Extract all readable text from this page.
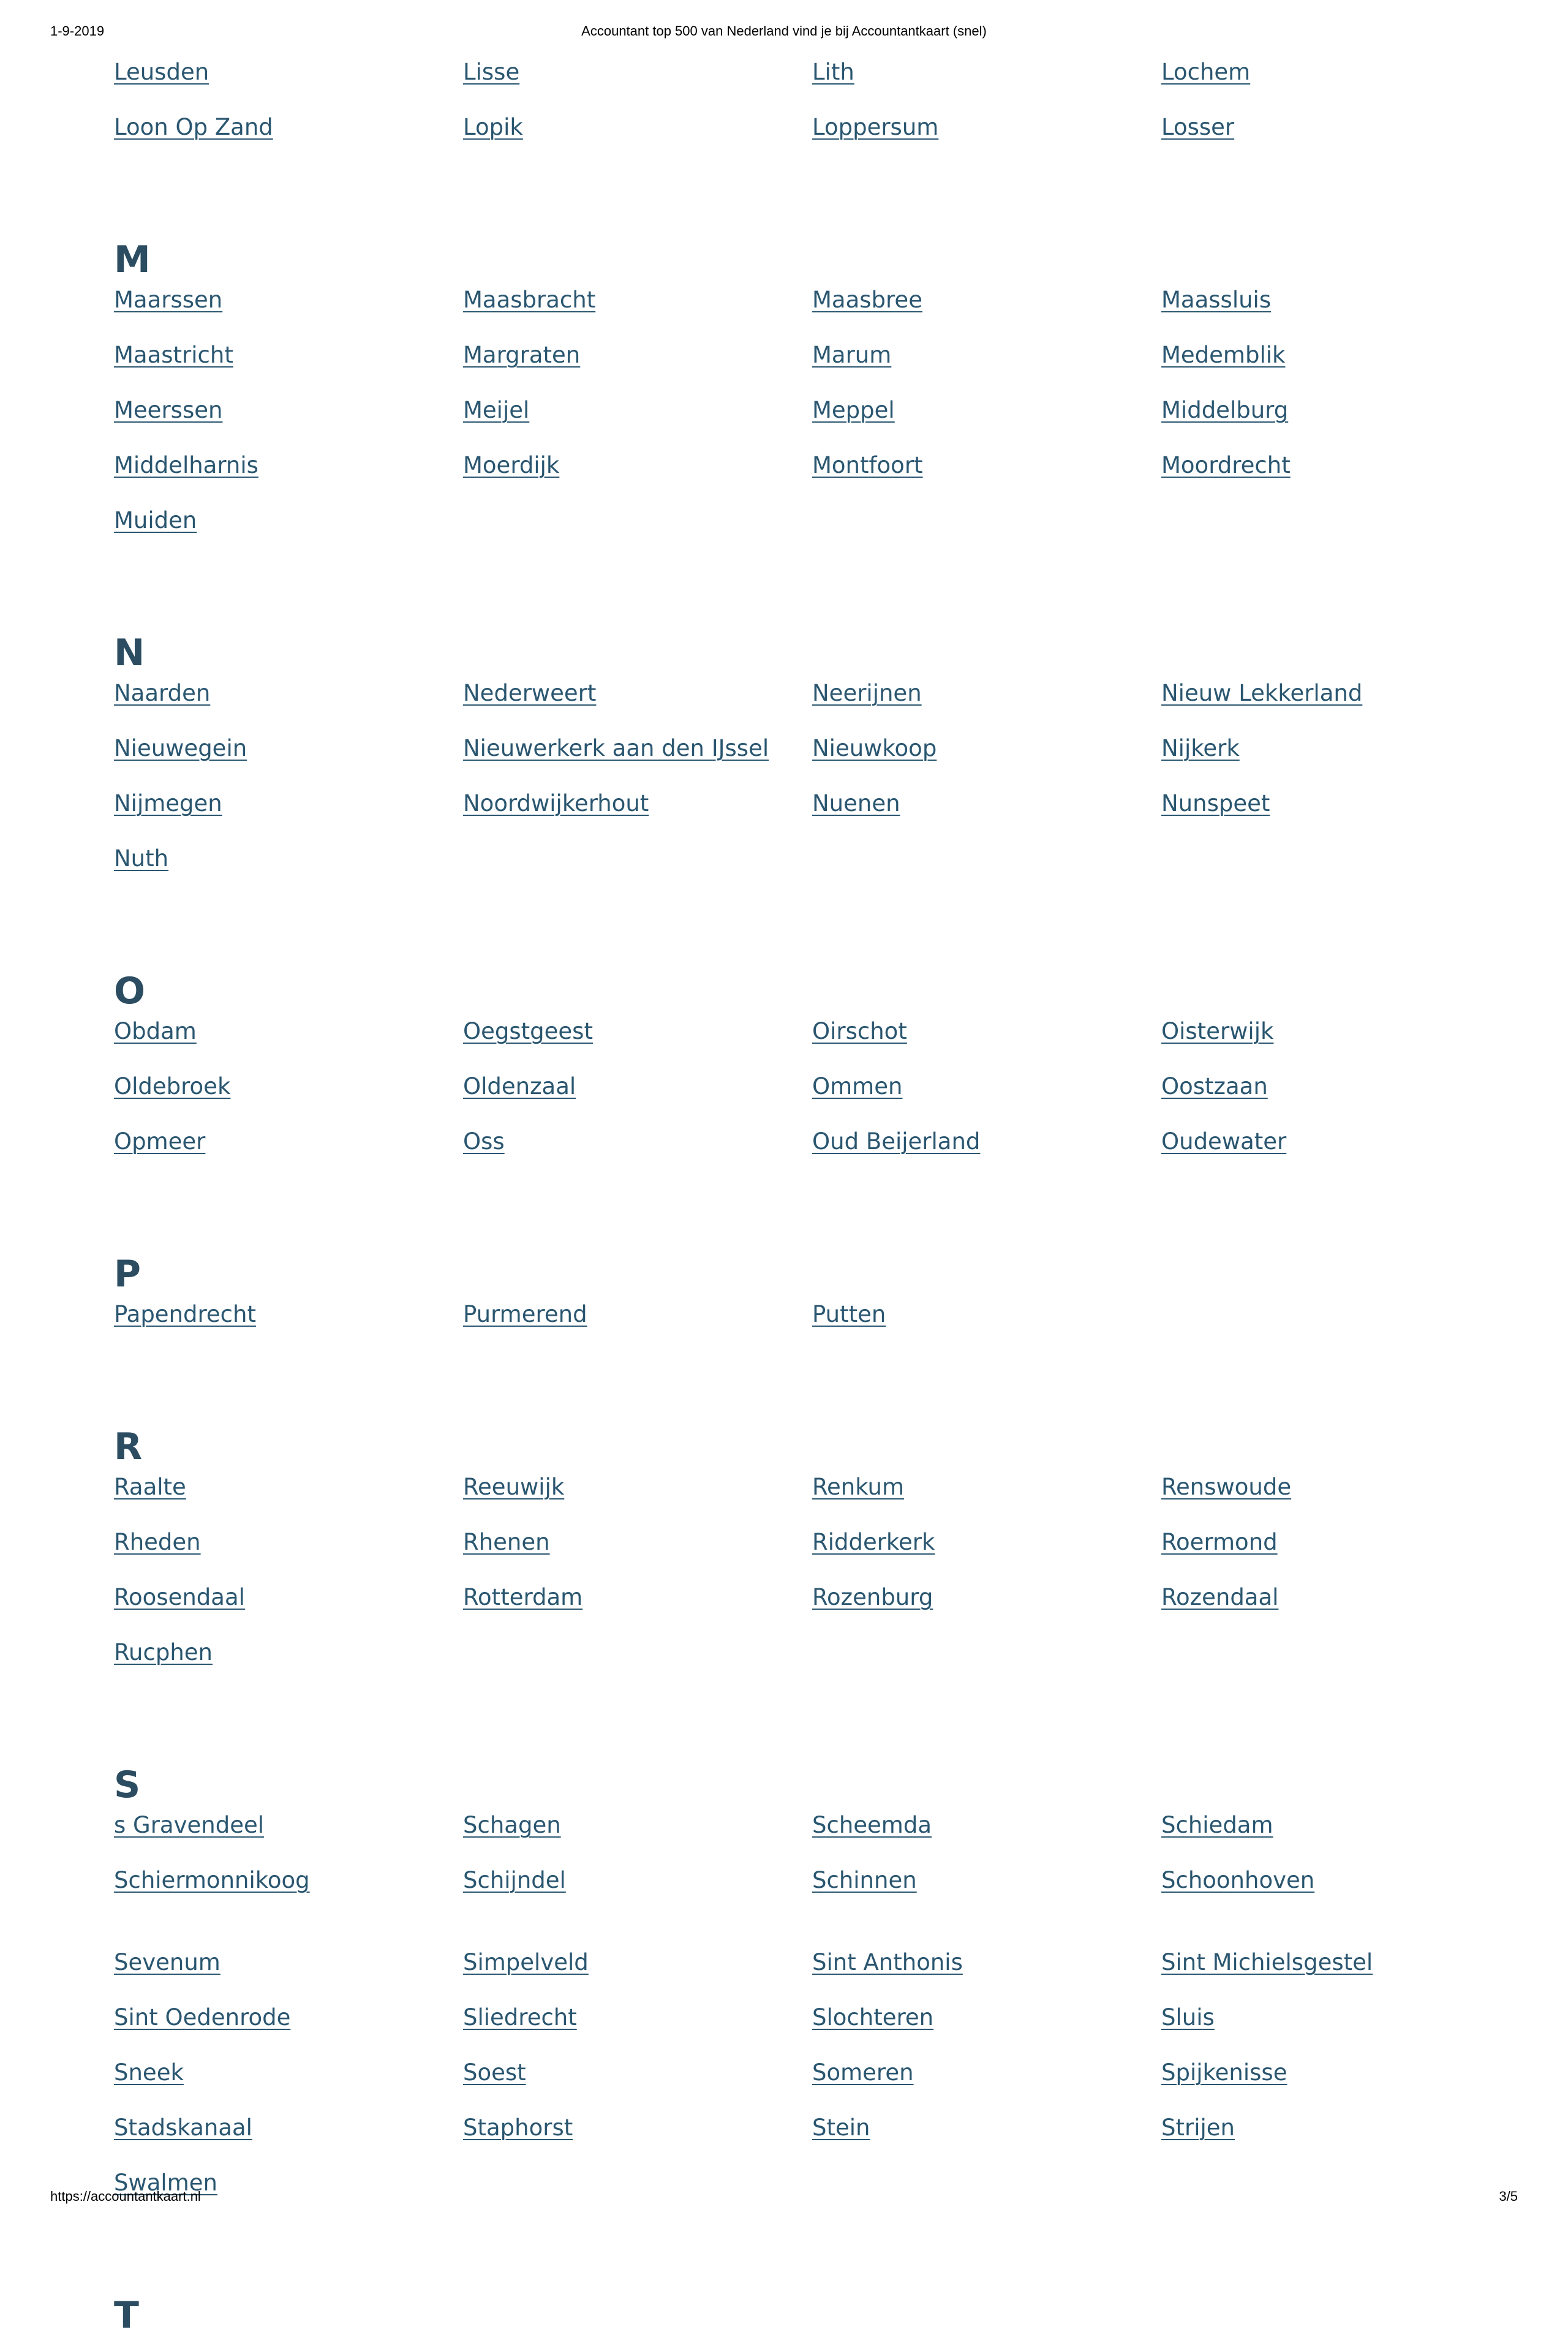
1-9-2019	Accountant top 500 van Nederland vind je bij Accountantkaart (snel)
Leusden	Lisse	Lith	Lochem
Loon Op Zand	Lopik	Loppersum	Losser
M
Maarssen	Maasbracht	Maasbree	Maassluis
Maastricht	Margraten	Marum	Medemblik
Meerssen	Meijel	Meppel	Middelburg
Middelharnis	Moerdijk	Montfoort	Moordrecht
Muiden
N
Naarden	Nederweert	Neerijnen	Nieuw Lekkerland
Nieuwegein	Nieuwerkerk aan den IJssel	Nieuwkoop	Nijkerk
Nijmegen	Noordwijkerhout	Nuenen	Nunspeet
Nuth
O
Obdam	Oegstgeest	Oirschot	Oisterwijk
Oldebroek	Oldenzaal	Ommen	Oostzaan
Opmeer	Oss	Oud Beijerland	Oudewater
P
Papendrecht	Purmerend	Putten
R
Raalte	Reeuwijk	Renkum	Renswoude
Rheden	Rhenen	Ridderkerk	Roermond
Roosendaal	Rotterdam	Rozenburg	Rozendaal
Rucphen
S
s Gravendeel	Schagen	Scheemda	Schiedam
Schiermonnikoog	Schijndel	Schinnen	Schoonhoven
Sevenum	Simpelveld	Sint Anthonis	Sint Michielsgestel
Sint Oedenrode	Sliedrecht	Slochteren	Sluis
Sneek	Soest	Someren	Spijkenisse
Stadskanaal	Staphorst	Stein	Strijen
Swalmen
T
https://accountantkaart.nl	3/5
